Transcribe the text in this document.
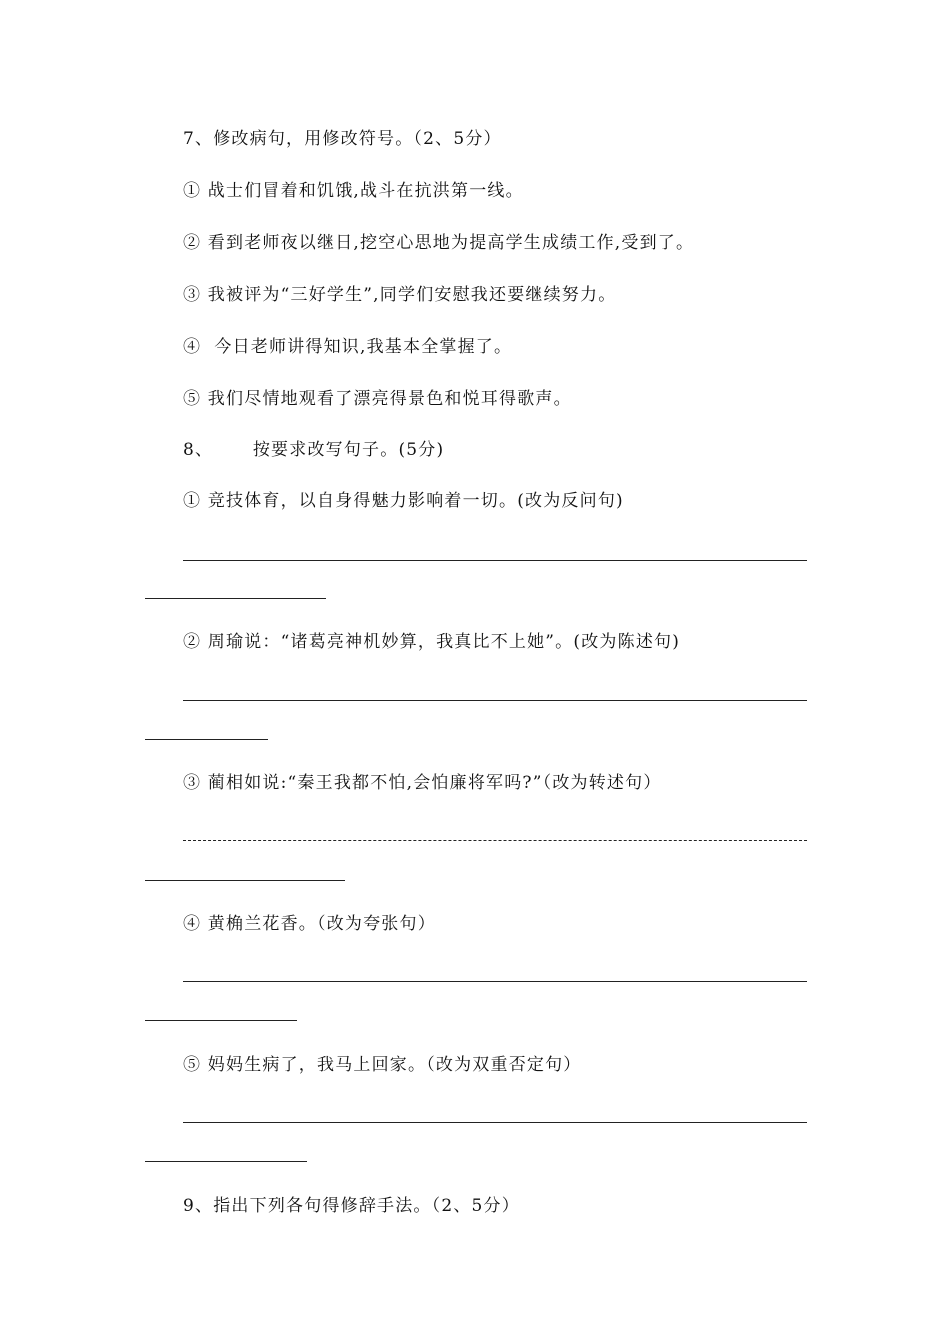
7、修改病句，用修改符号。（2、5分）
① 战士们冒着和饥饿,战斗在抗洪第一线。
② 看到老师夜以继日,挖空心思地为提高学生成绩工作,受到了。
③ 我被评为“三好学生”,同学们安慰我还要继续努力。
④  今日老师讲得知识,我基本全掌握了。
⑤ 我们尽情地观看了漂亮得景色和悦耳得歌声。
8、      按要求改写句子。(5分)
① 竞技体育，以自身得魅力影响着一切。(改为反问句)
② 周瑜说：“诸葛亮神机妙算，我真比不上她”。(改为陈述句)
③ 蔺相如说:“秦王我都不怕,会怕廉将军吗?”（改为转述句）
④ 黄桷兰花香。（改为夸张句）
⑤ 妈妈生病了，我马上回家。（改为双重否定句）
9、指出下列各句得修辞手法。（2、5分）
